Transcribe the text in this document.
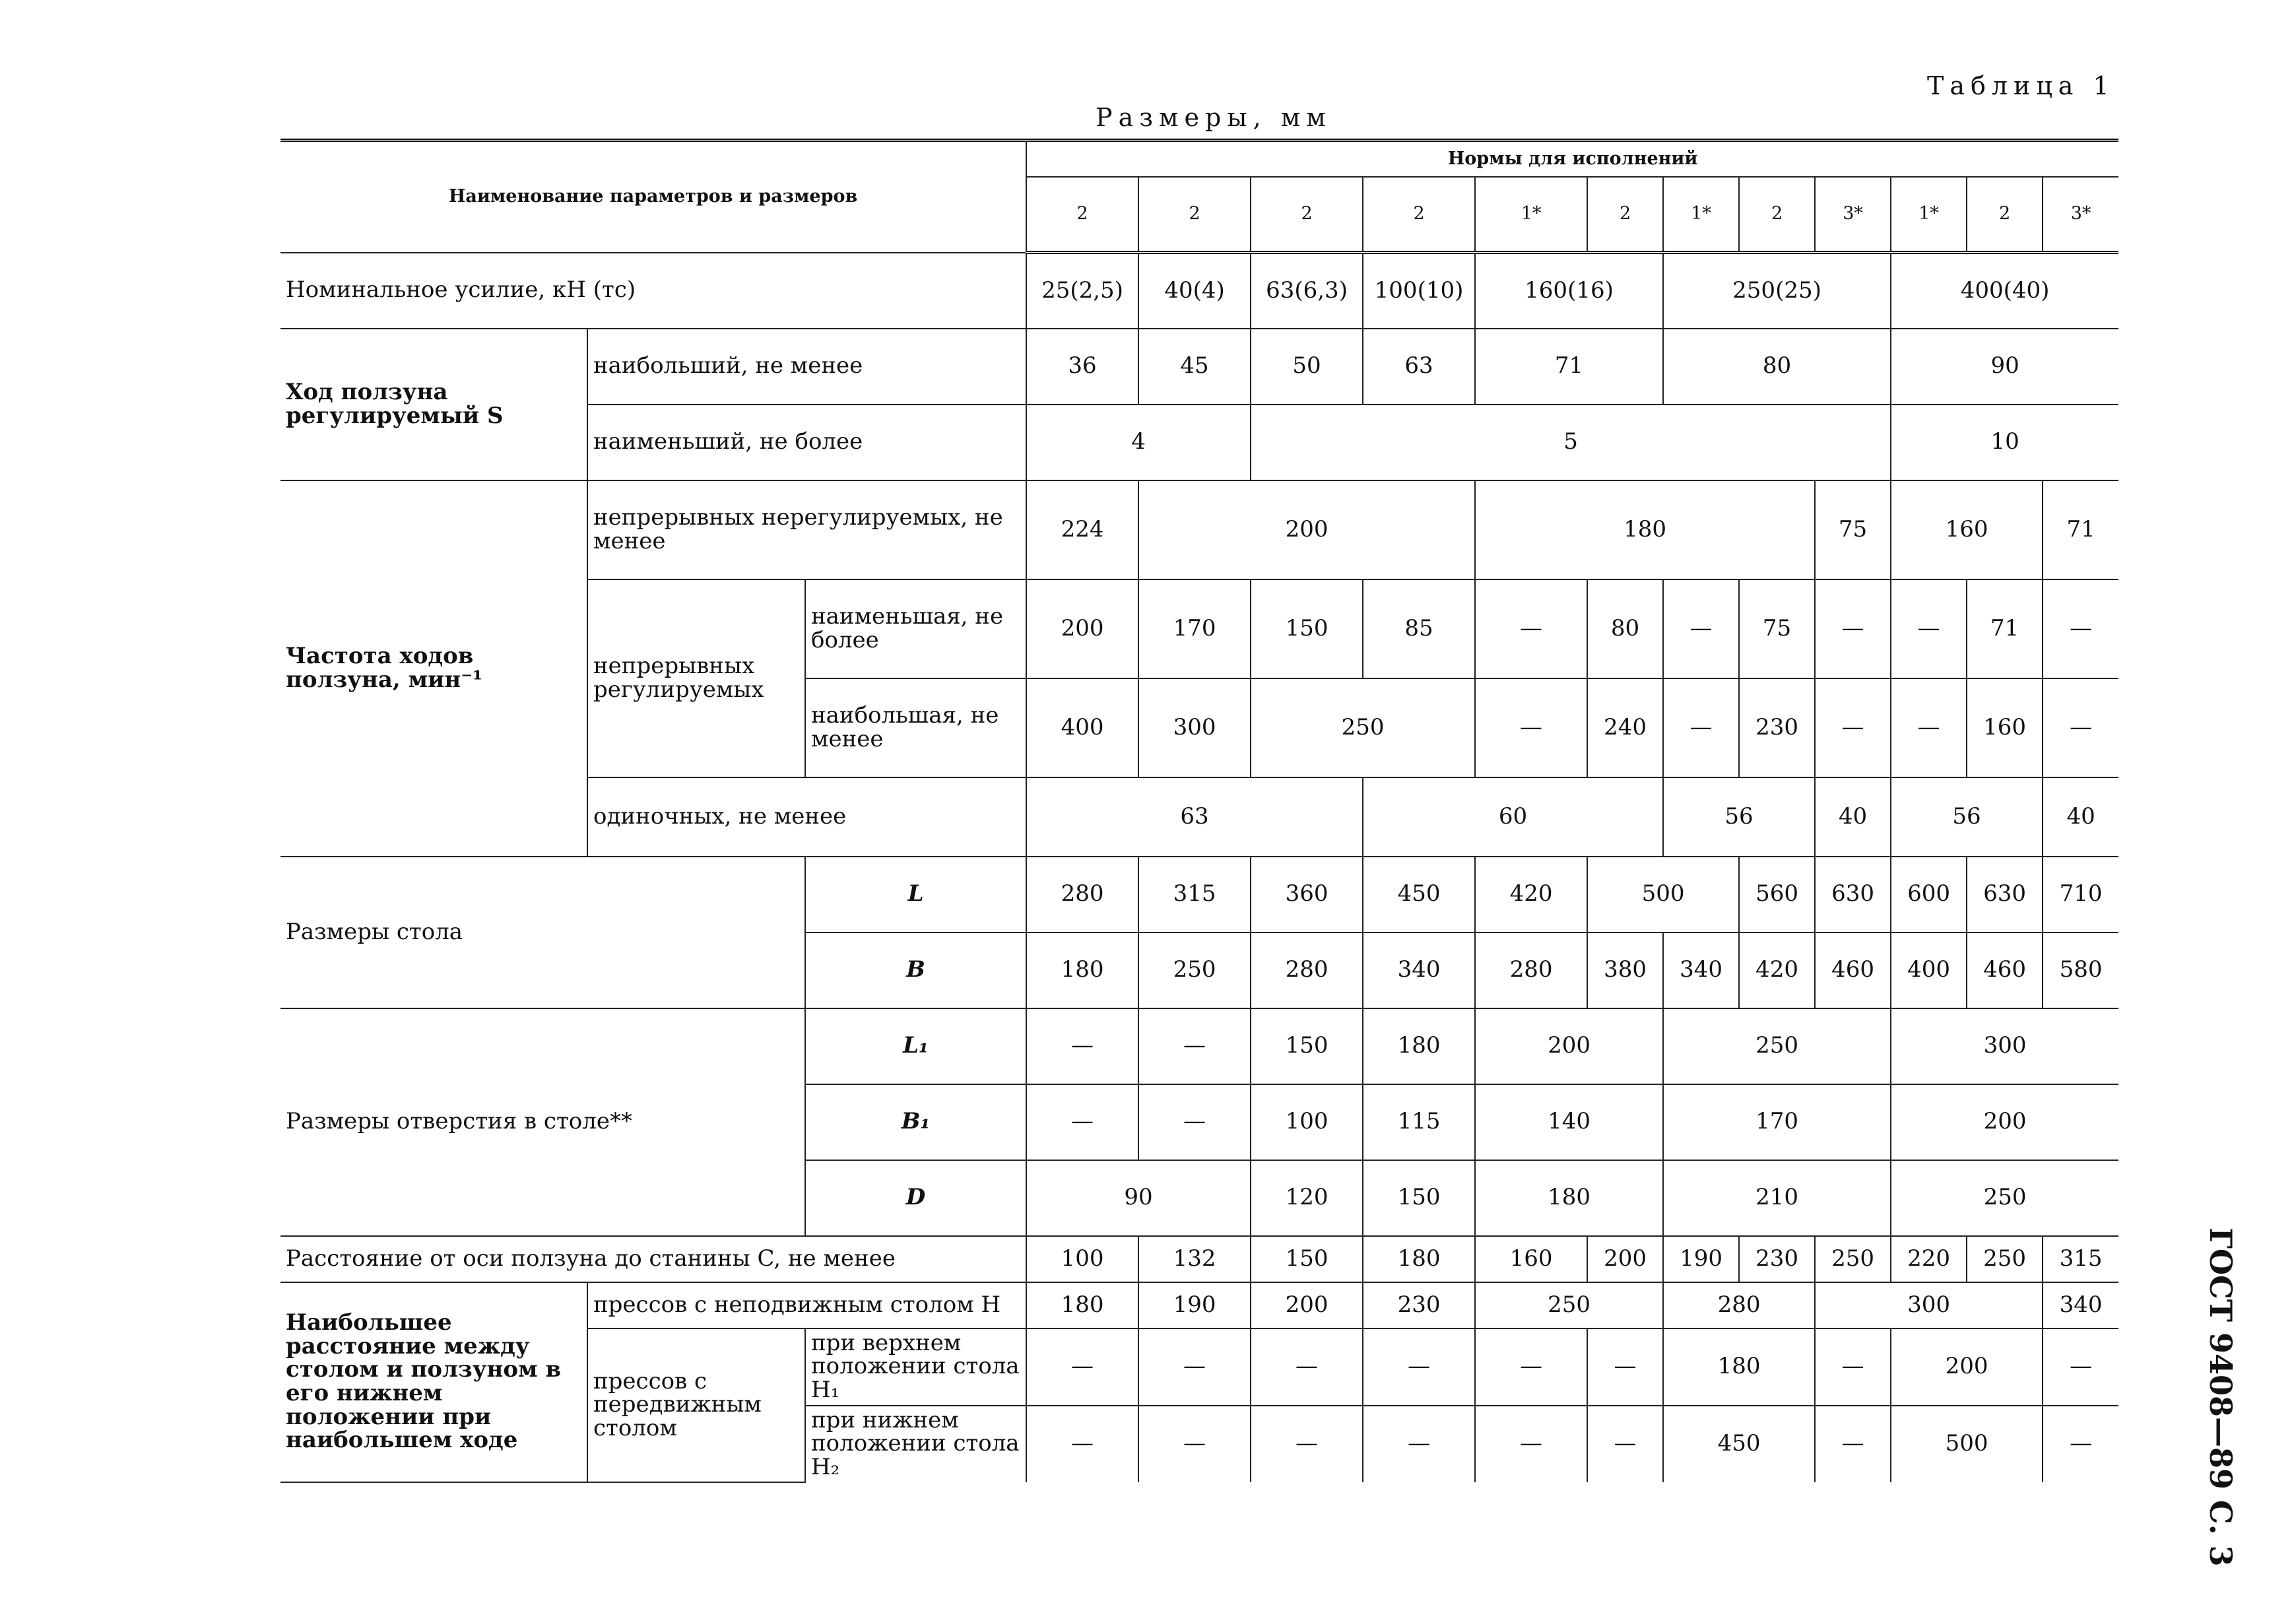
Таблица 1
Размеры, мм
ГОСТ 9408—89 С. 3
Наименование параметров и размеров			Нормы для исполнений											
			2	2	2	2	1*	2	1*	2	3*	1*	2	3*
Номинальное усилие, кН (тс)			25(2,5)	40(4)	63(6,3)	100(10)	160(16)		250(25)			400(40)		
Ход ползуна регулируемый S	наибольший, не менее		36	45	50	63	71		80			90		
	наименьший, не более		4		5							10		
Частота ходов ползуна, мин⁻¹	непрерывных нерегулируемых, не менее		224	200			180				75	160		71
	непрерывных регулируемых	наименьшая, не более	200	170	150	85	—	80	—	75	—	—	71	—
		наибольшая, не менее	400	300	250		—	240	—	230	—	—	160	—
	одиночных, не менее		63			60			56		40	56		40
Размеры стола		L	280	315	360	450	420	500		560	630	600	630	710
		B	180	250	280	340	280	380	340	420	460	400	460	580
Размеры отверстия в столе**		L₁	—	—	150	180	200		250			300		
		B₁	—	—	100	115	140		170			200		
		D	90		120	150	180		210			250		
Расстояние от оси ползуна до станины C, не менее			100	132	150	180	160	200	190	230	250	220	250	315
Наибольшее расстояние между столом и ползуном в его нижнем положении при наибольшем ходе	прессов с неподвижным столом H		180	190	200	230	250		280		300			340
	прессов с передвижным столом	при верхнем положении стола H₁	—	—	—	—	—	—	180		—	200		—
		при нижнем положении стола H₂	—	—	—	—	—	—	450		—	500		—
